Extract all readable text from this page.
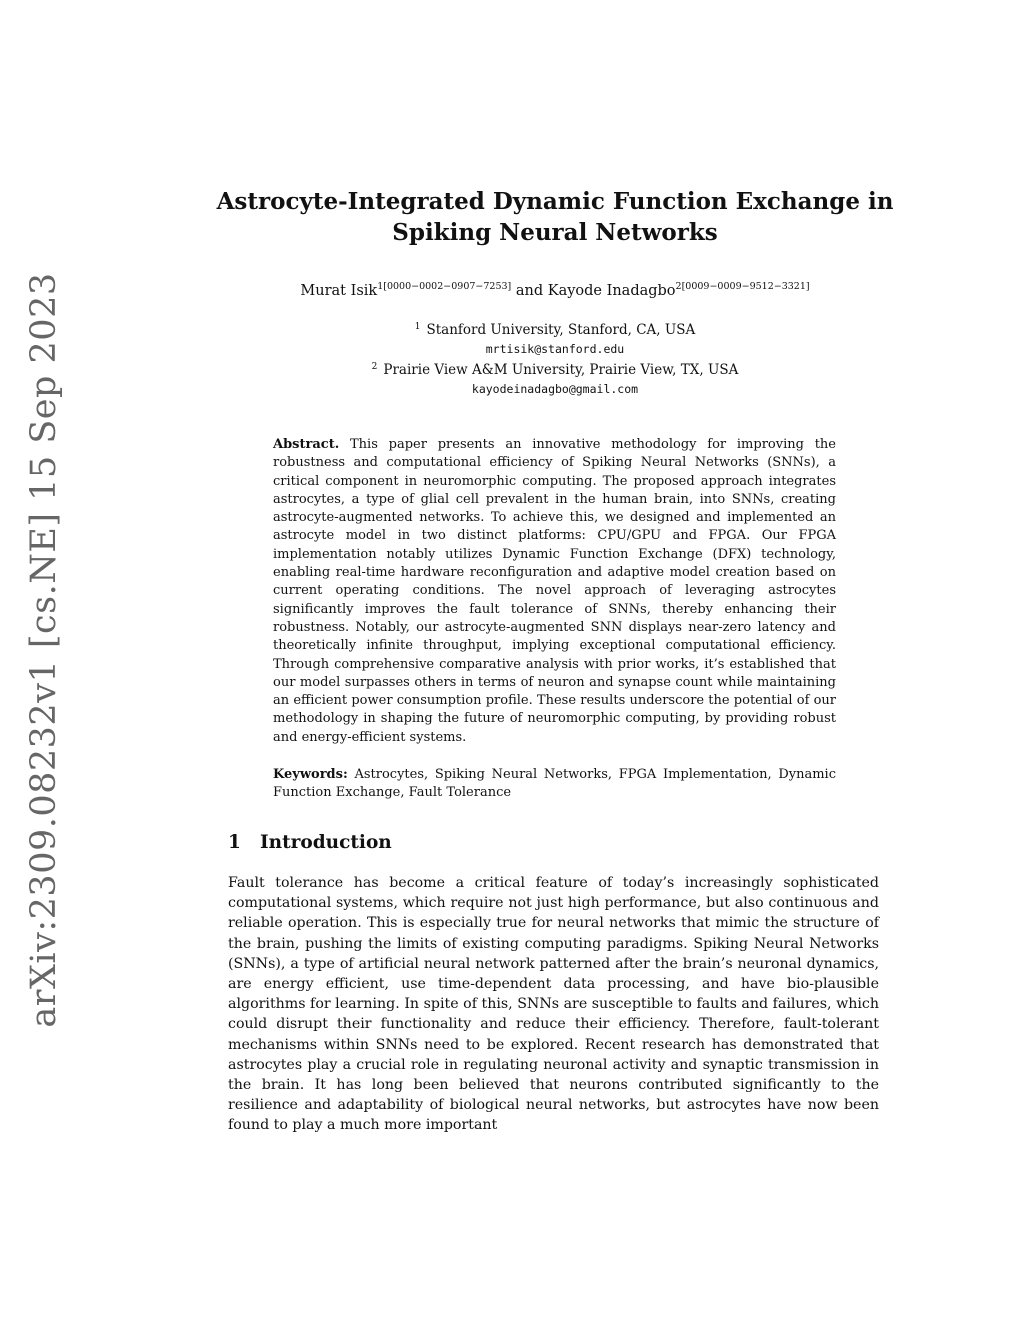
arXiv:2309.08232v1 [cs.NE] 15 Sep 2023
Astrocyte-Integrated Dynamic Function Exchange in
Spiking Neural Networks
Murat Isik$^{1[0000-0002-0907-7253]}$ and Kayode Inadagbo$^{2[0009-0009-9512-3321]}$
$^1$ Stanford University, Stanford, CA, USA
mrtisik@stanford.edu
$^2$ Prairie View A&M University, Prairie View, TX, USA
kayodeinadagbo@gmail.com
Abstract. This paper presents an innovative methodology for improving the robustness and computational efficiency of Spiking Neural Networks (SNNs), a critical component in neuromorphic computing. The proposed approach integrates astrocytes, a type of glial cell prevalent in the human brain, into SNNs, creating astrocyte-augmented networks. To achieve this, we designed and implemented an astrocyte model in two distinct platforms: CPU/GPU and FPGA. Our FPGA implementation notably utilizes Dynamic Function Exchange (DFX) technology, enabling real-time hardware reconfiguration and adaptive model creation based on current operating conditions. The novel approach of leveraging astrocytes significantly improves the fault tolerance of SNNs, thereby enhancing their robustness. Notably, our astrocyte-augmented SNN displays near-zero latency and theoretically infinite throughput, implying exceptional computational efficiency. Through comprehensive comparative analysis with prior works, it’s established that our model surpasses others in terms of neuron and synapse count while maintaining an efficient power consumption profile. These results underscore the potential of our methodology in shaping the future of neuromorphic computing, by providing robust and energy-efficient systems.
Keywords: Astrocytes, Spiking Neural Networks, FPGA Implementation, Dynamic Function Exchange, Fault Tolerance
1 Introduction
Fault tolerance has become a critical feature of today’s increasingly sophisticated computational systems, which require not just high performance, but also continuous and reliable operation. This is especially true for neural networks that mimic the structure of the brain, pushing the limits of existing computing paradigms. Spiking Neural Networks (SNNs), a type of artificial neural network patterned after the brain’s neuronal dynamics, are energy efficient, use time-dependent data processing, and have bio-plausible algorithms for learning. In spite of this, SNNs are susceptible to faults and failures, which could disrupt their functionality and reduce their efficiency. Therefore, fault-tolerant mechanisms within SNNs need to be explored. Recent research has demonstrated that astrocytes play a crucial role in regulating neuronal activity and synaptic transmission in the brain. It has long been believed that neurons contributed significantly to the resilience and adaptability of biological neural networks, but astrocytes have now been found to play a much more important
